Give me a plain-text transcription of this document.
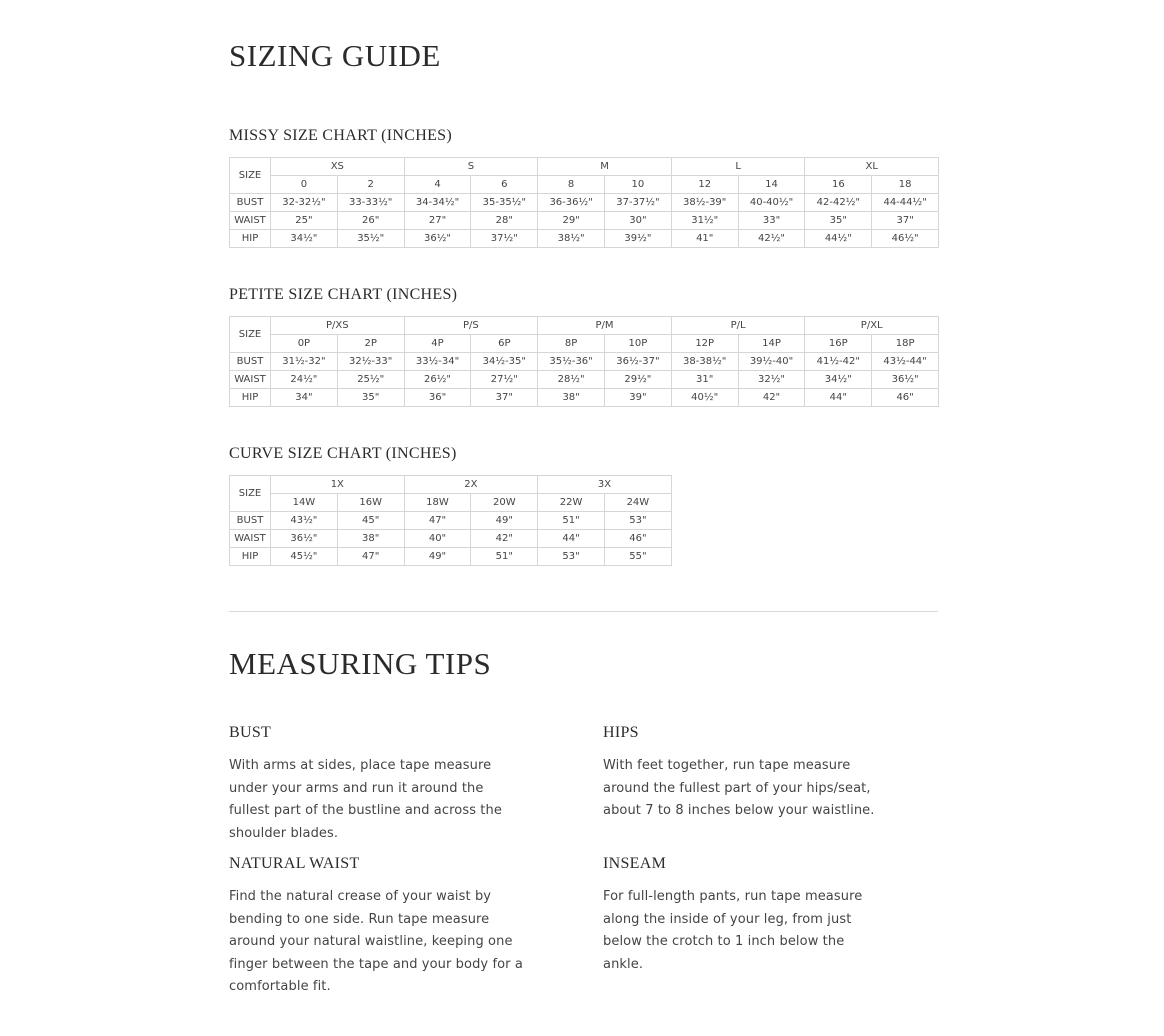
SIZING GUIDE
MISSY SIZE CHART (INCHES)
SIZE	XS		S		M		L		XL	
	0	2	4	6	8	10	12	14	16	18
BUST	32-32½"	33-33½"	34-34½"	35-35½"	36-36½"	37-37½"	38½-39"	40-40½"	42-42½"	44-44½"
WAIST	25"	26"	27"	28"	29"	30"	31½"	33"	35"	37"
HIP	34½"	35½"	36½"	37½"	38½"	39½"	41"	42½"	44½"	46½"
PETITE SIZE CHART (INCHES)
SIZE	P/XS		P/S		P/M		P/L		P/XL	
	0P	2P	4P	6P	8P	10P	12P	14P	16P	18P
BUST	31½-32"	32½-33"	33½-34"	34½-35"	35½-36"	36½-37"	38-38½"	39½-40"	41½-42"	43½-44"
WAIST	24½"	25½"	26½"	27½"	28½"	29½"	31"	32½"	34½"	36½"
HIP	34"	35"	36"	37"	38"	39"	40½"	42"	44"	46"
CURVE SIZE CHART (INCHES)
SIZE	1X		2X		3X	
	14W	16W	18W	20W	22W	24W
BUST	43½"	45"	47"	49"	51"	53"
WAIST	36½"	38"	40"	42"	44"	46"
HIP	45½"	47"	49"	51"	53"	55"
MEASURING TIPS
BUST

With arms at sides, place tape measure under your arms and run it around the fullest part of the bustline and across the shoulder blades.

HIPS

With feet together, run tape measure around the fullest part of your hips/seat, about 7 to 8 inches below your waistline.

NATURAL WAIST

Find the natural crease of your waist by bending to one side. Run tape measure around your natural waistline, keeping one finger between the tape and your body for a comfortable fit.

INSEAM

For full-length pants, run tape measure along the inside of your leg, from just below the crotch to 1 inch below the ankle.
